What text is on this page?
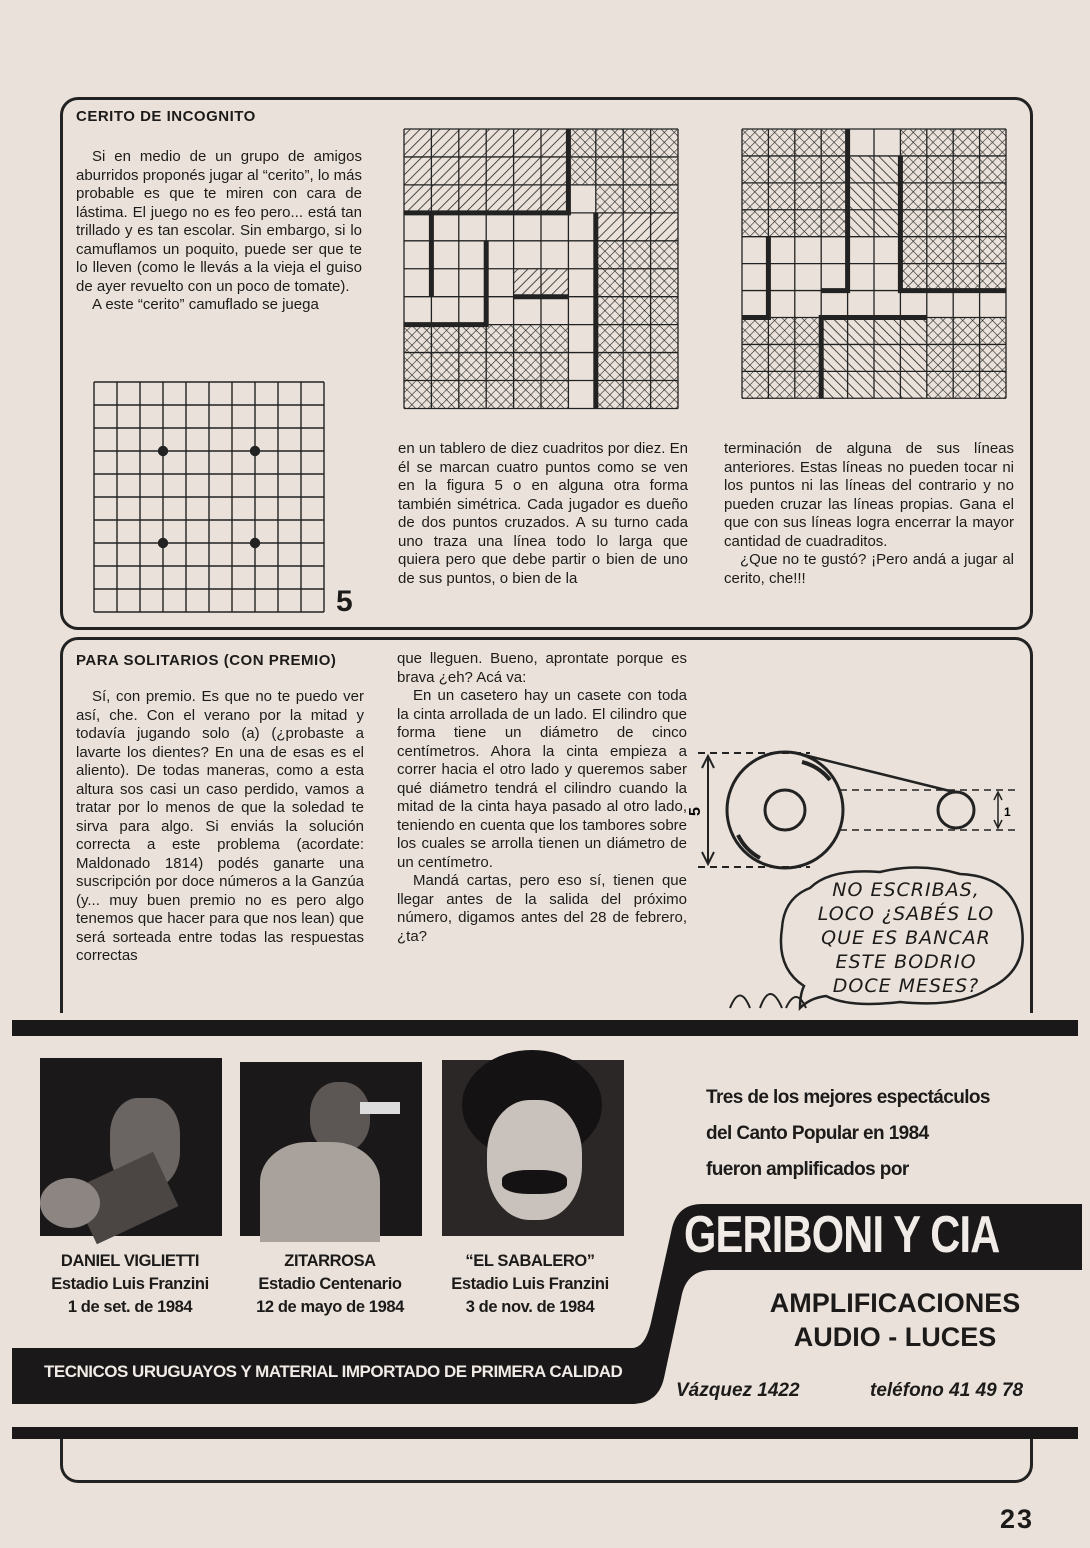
CERITO DE INCOGNITO

Si en medio de un grupo de amigos aburridos proponés jugar al “cerito”, lo más probable es que te miren con cara de lástima. El juego no es feo pero... está tan trillado y es tan escolar. Sin embargo, si lo camuflamos un poquito, puede ser que te lo lleven (como le llevás a la vieja el guiso de ayer revuelto con un poco de tomate).

A este “cerito” camuflado se juega

5

en un tablero de diez cuadritos por diez. En él se marcan cuatro puntos como se ven en la figura 5 o en alguna otra forma también simétrica. Cada jugador es dueño de dos puntos cruzados. A su turno cada uno traza una línea todo lo larga que quiera pero que debe partir o bien de uno de sus puntos, o bien de la

terminación de alguna de sus líneas anteriores. Estas líneas no pueden tocar ni los puntos ni las líneas del contrario y no pueden cruzar las líneas propias. Gana el que con sus líneas logra encerrar la mayor cantidad de cuadraditos.

¿Que no te gustó? ¡Pero andá a jugar al cerito, che!!!

PARA SOLITARIOS (CON PREMIO)

Sí, con premio. Es que no te puedo ver así, che. Con el verano por la mitad y todavía jugando solo (a) (¿probaste a lavarte los dientes? En una de esas es el aliento). De todas maneras, como a esta altura sos casi un caso perdido, vamos a tratar por lo menos de que la soledad te sirva para algo. Si enviás la solución correcta a este problema (acordate: Maldonado 1814) podés ganarte una suscripción por doce números a la Ganzúa (y... muy buen premio no es pero algo tenemos que hacer para que nos lean) que será sorteada entre todas las respuestas correctas

que lleguen. Bueno, aprontate porque es brava ¿eh? Acá va:

En un casetero hay un casete con toda la cinta arrollada de un lado. El cilindro que forma tiene un diámetro de cinco centímetros. Ahora la cinta empieza a correr hacia el otro lado y queremos saber qué diámetro tendrá el cilindro cuando la mitad de la cinta haya pasado al otro lado, teniendo en cuenta que los tambores sobre los cuales se arrolla tienen un diámetro de un centímetro.

Mandá cartas, pero eso sí, tienen que llegar antes de la salida del próximo número, digamos antes del 28 de febrero, ¿ta?

5	1
NO ESCRIBAS,
LOCO ¿SABÉS LO
QUE ES BANCAR
ESTE BODRIO
DOCE MESES?
DANIEL VIGLIETTI
Estadio Luis Franzini
1 de set. de 1984
ZITARROSA
Estadio Centenario
12 de mayo de 1984
“EL SABALERO”
Estadio Luis Franzini
3 de nov. de 1984
Tres de los mejores espectáculos
del Canto Popular en 1984
fueron amplificados por
GERIBONI Y CIA
TECNICOS URUGUAYOS Y MATERIAL IMPORTADO DE PRIMERA CALIDAD
AMPLIFICACIONES
AUDIO - LUCES
Vázquez 1422	teléfono 41 49 78
23
